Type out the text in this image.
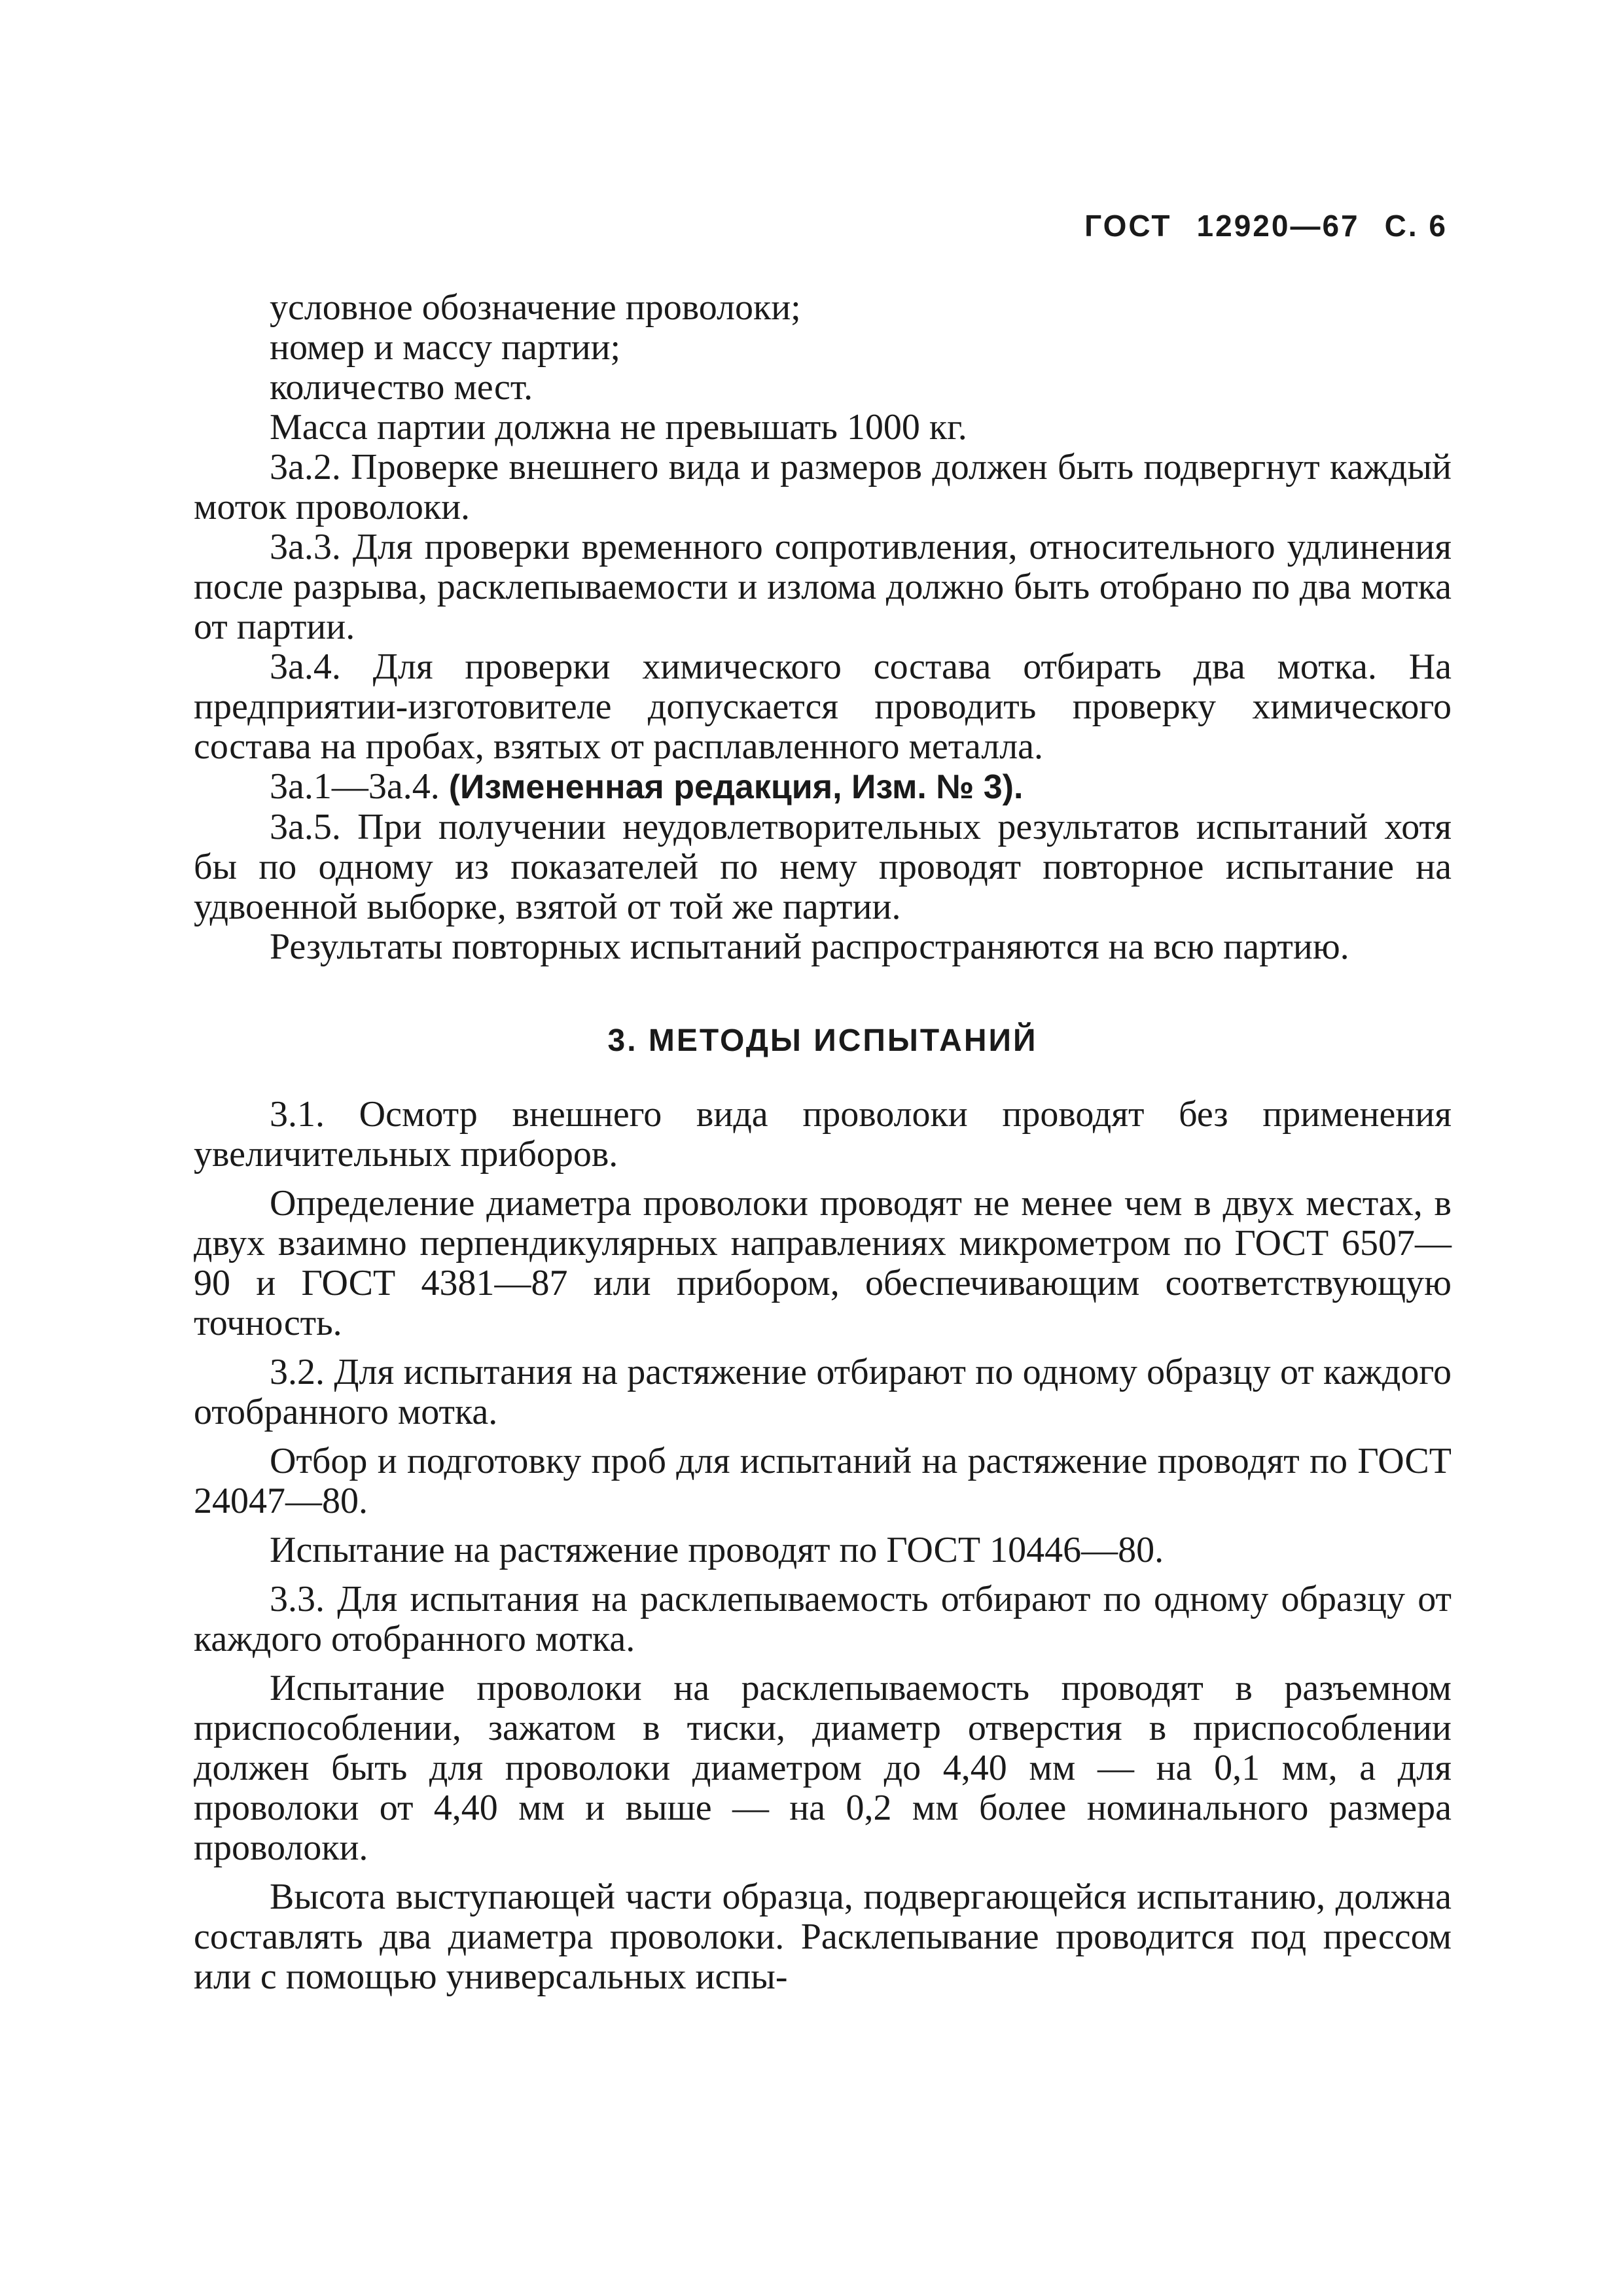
ГОСТ 12920—67 С. 6

условное обозначение проволоки;

номер и массу партии;

количество мест.

Масса партии должна не превышать 1000 кг.

3а.2. Проверке внешнего вида и размеров должен быть подвергнут каждый моток проволоки.

3а.3. Для проверки временного сопротивления, относительного удлинения после разрыва, расклепываемости и излома должно быть отобрано по два мотка от партии.

3а.4. Для проверки химического состава отбирать два мотка. На предприятии-изготовителе допускается проводить проверку химического состава на пробах, взятых от расплавленного металла.

3а.1—3а.4. (Измененная редакция, Изм. № 3).

3а.5. При получении неудовлетворительных результатов испытаний хотя бы по одному из показателей по нему проводят повторное испытание на удвоенной выборке, взятой от той же партии.

Результаты повторных испытаний распространяются на всю партию.

3. МЕТОДЫ ИСПЫТАНИЙ

3.1. Осмотр внешнего вида проволоки проводят без применения увеличительных приборов.

Определение диаметра проволоки проводят не менее чем в двух местах, в двух взаимно перпендикулярных направлениях микрометром по ГОСТ 6507—90 и ГОСТ 4381—87 или прибором, обеспечивающим соответствующую точность.

3.2. Для испытания на растяжение отбирают по одному образцу от каждого отобранного мотка.

Отбор и подготовку проб для испытаний на растяжение проводят по ГОСТ 24047—80.

Испытание на растяжение проводят по ГОСТ 10446—80.

3.3. Для испытания на расклепываемость отбирают по одному образцу от каждого отобранного мотка.

Испытание проволоки на расклепываемость проводят в разъемном приспособлении, зажатом в тиски, диаметр отверстия в приспособлении должен быть для проволоки диаметром до 4,40 мм — на 0,1 мм, а для проволоки от 4,40 мм и выше — на 0,2 мм более номинального размера проволоки.

Высота выступающей части образца, подвергающейся испытанию, должна составлять два диаметра проволоки. Расклепывание проводится под прессом или с помощью универсальных испы-
